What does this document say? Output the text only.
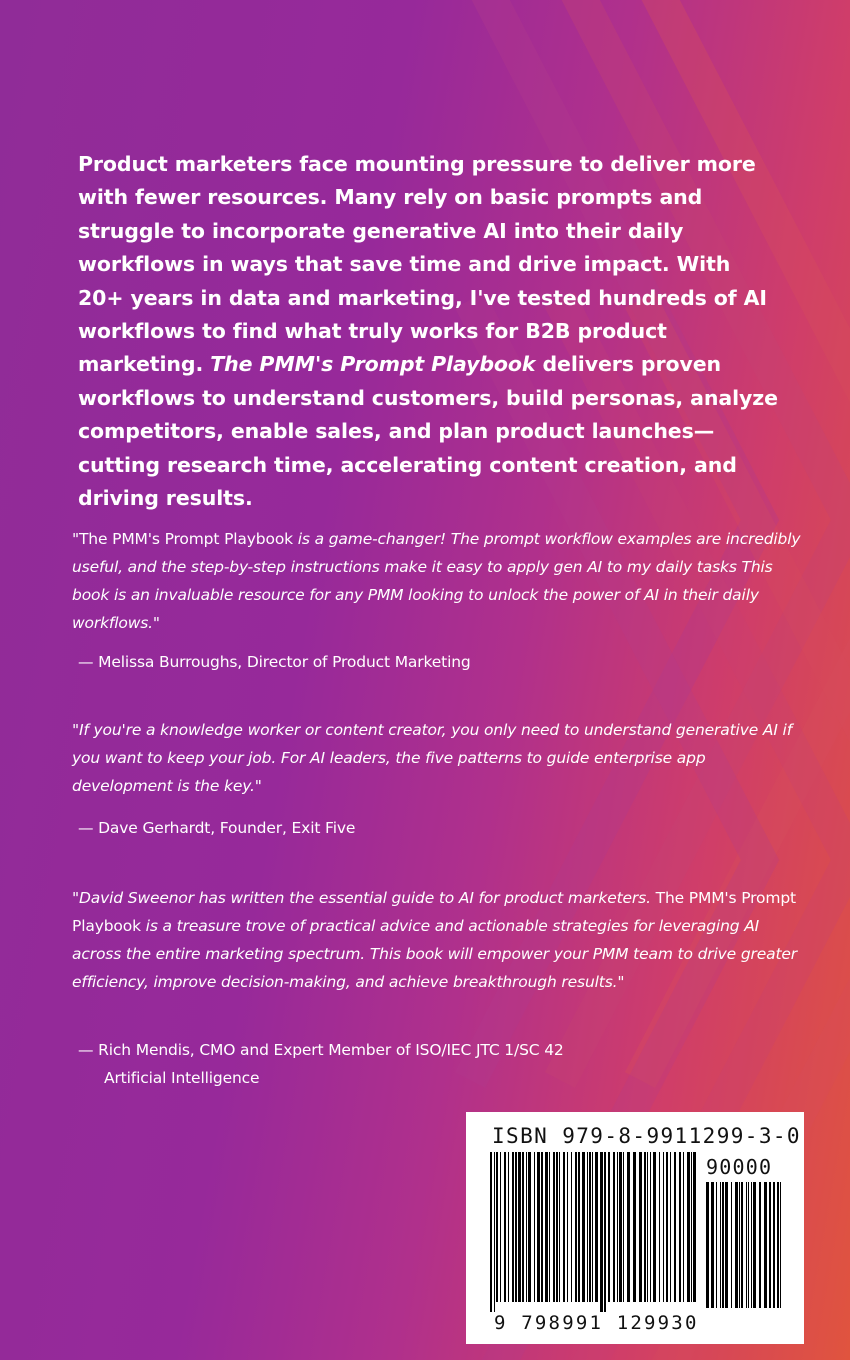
Product marketers face mounting pressure to deliver more with fewer resources. Many rely on basic prompts and struggle to incorporate generative AI into their daily workflows in ways that save time and drive impact. With 20+ years in data and marketing, I've tested hundreds of AI workflows to find what truly works for B2B product marketing. The PMM's Prompt Playbook delivers proven workflows to understand customers, build personas, analyze competitors, enable sales, and plan product launches—cutting research time, accelerating content creation, and driving results.

"The PMM's Prompt Playbook is a game-changer! The prompt workflow examples are incredibly useful, and the step-by-step instructions make it easy to apply gen AI to my daily tasks This book is an invaluable resource for any PMM looking to unlock the power of AI in their daily workflows."

— Melissa Burroughs, Director of Product Marketing

"If you're a knowledge worker or content creator, you only need to understand generative AI if you want to keep your job. For AI leaders, the five patterns to guide enterprise app development is the key."

— Dave Gerhardt, Founder, Exit Five

"David Sweenor has written the essential guide to AI for product marketers. The PMM's Prompt Playbook is a treasure trove of practical advice and actionable strategies for leveraging AI across the entire marketing spectrum. This book will empower your PMM team to drive greater efficiency, improve decision-making, and achieve breakthrough results."

— Rich Mendis, CMO and Expert Member of ISO/IEC JTC 1/SC 42
Artificial Intelligence

ISBN 979-8-9911299-3-0
90000
9 798991 129930
